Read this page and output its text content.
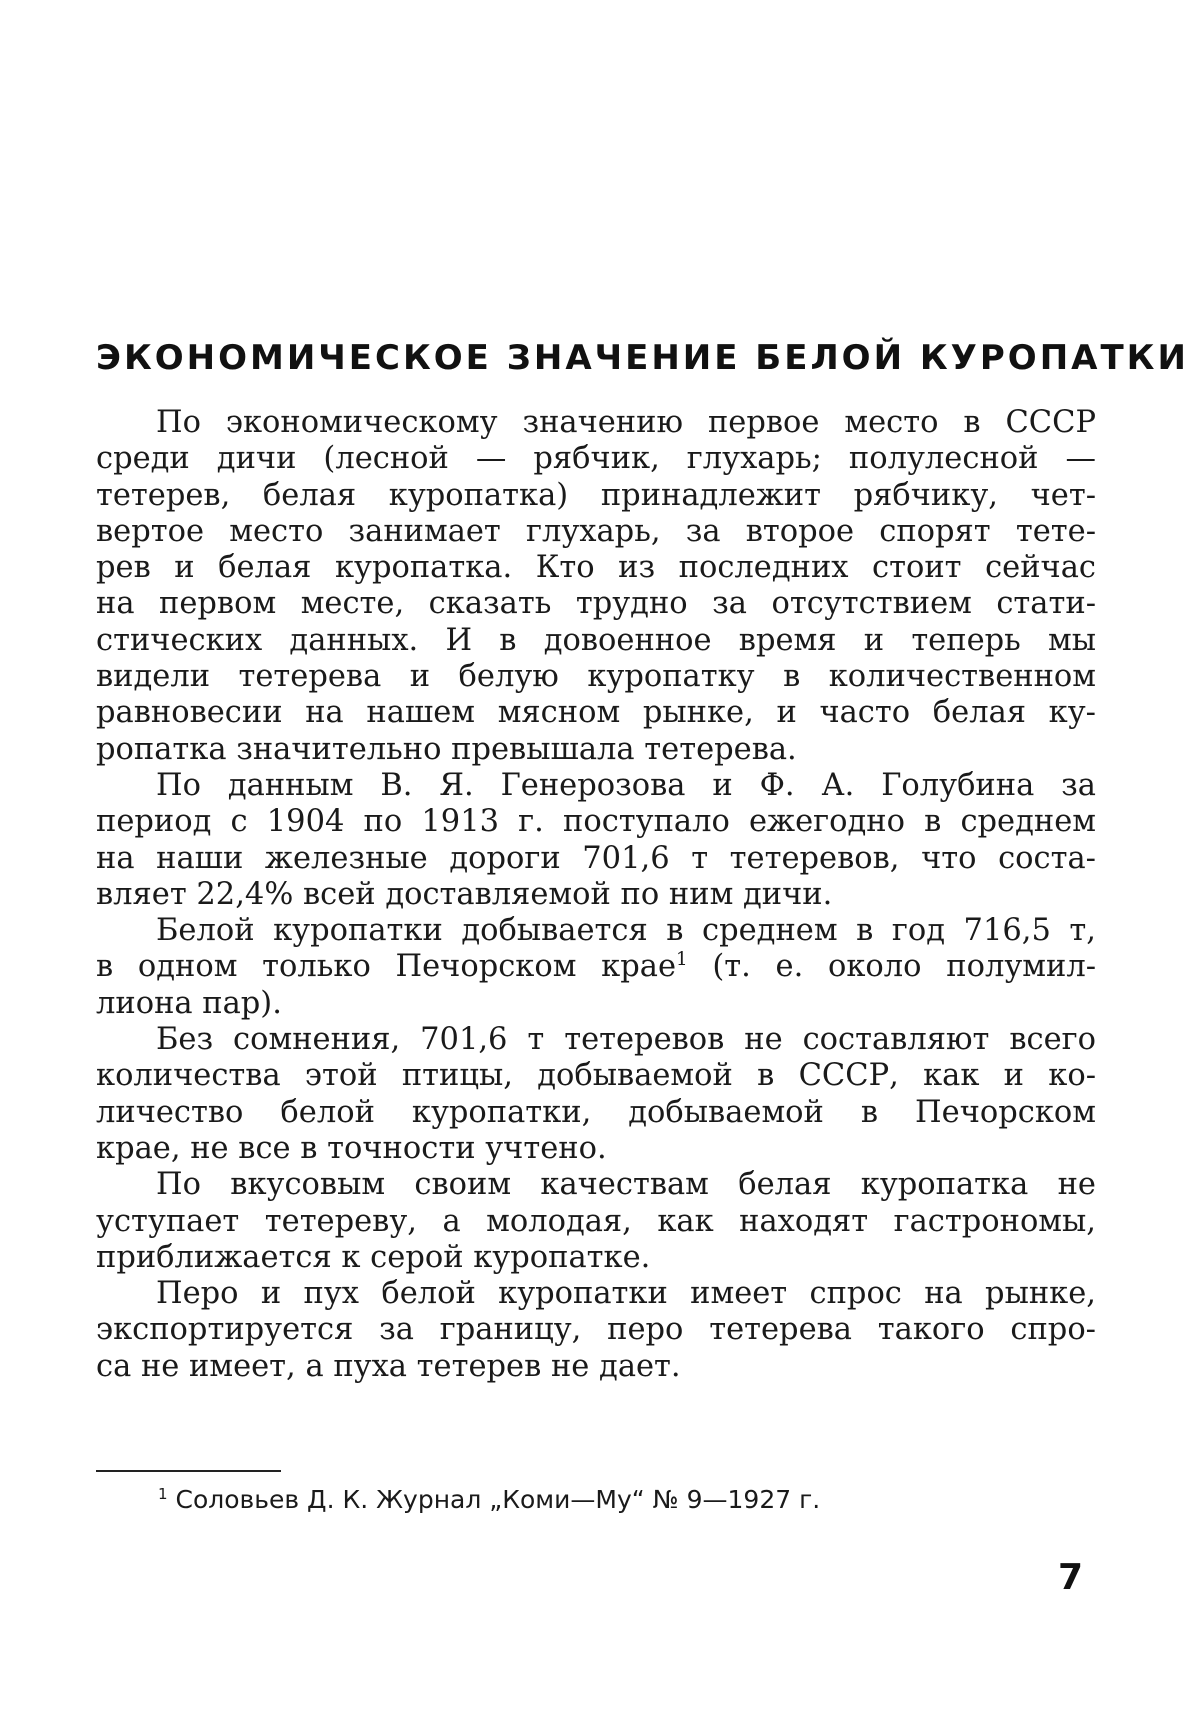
ЭКОНОМИЧЕСКОЕ ЗНАЧЕНИЕ БЕЛОЙ КУРОПАТКИ
По экономическому значению первое место в СССР
среди дичи (лесной — рябчик, глухарь; полулесной —
тетерев, белая куропатка) принадлежит рябчику, чет-
вертое место занимает глухарь, за второе спорят тете-
рев и белая куропатка. Кто из последних стоит сейчас
на первом месте, сказать трудно за отсутствием стати-
стических данных. И в довоенное время и теперь мы
видели тетерева и белую куропатку в количественном
равновесии на нашем мясном рынке, и часто белая ку-
ропатка значительно превышала тетерева.
По данным В. Я. Генерозова и Ф. А. Голубина за
период с 1904 по 1913 г. поступало ежегодно в среднем
на наши железные дороги 701,6 т тетеревов, что соста-
вляет 22,4% всей доставляемой по ним дичи.
Белой куропатки добывается в среднем в год 716,5 т,
в одном только Печорском крае$^1$ (т. е. около полумил-
лиона пар).
Без сомнения, 701,6 т тетеревов не составляют всего
количества этой птицы, добываемой в СССР, как и ко-
личество белой куропатки, добываемой в Печорском
крае, не все в точности учтено.
По вкусовым своим качествам белая куропатка не
уступает тетереву, а молодая, как находят гастрономы,
приближается к серой куропатке.
Перо и пух белой куропатки имеет спрос на рынке,
экспортируется за границу, перо тетерева такого спро-
са не имеет, а пуха тетерев не дает.
$^1$ Соловьев Д. К. Журнал „Коми—Му“ № 9—1927 г.
7
